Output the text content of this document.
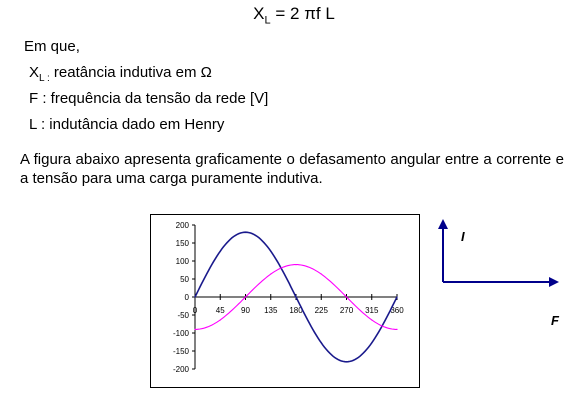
$X_L = 2$ πf L
Em que,
$X_{L :}$ reatância indutiva em Ω
F : frequência da tensão da rede [V]
L : indutância dado em Henry
A figura abaixo apresenta graficamente o defasamento angular entre a corrente e a tensão para uma carga puramente indutiva.
200
150
100
50
0
-50
-100
-150
-200
0 45 90 135 180 225 270 315 360
I
F
